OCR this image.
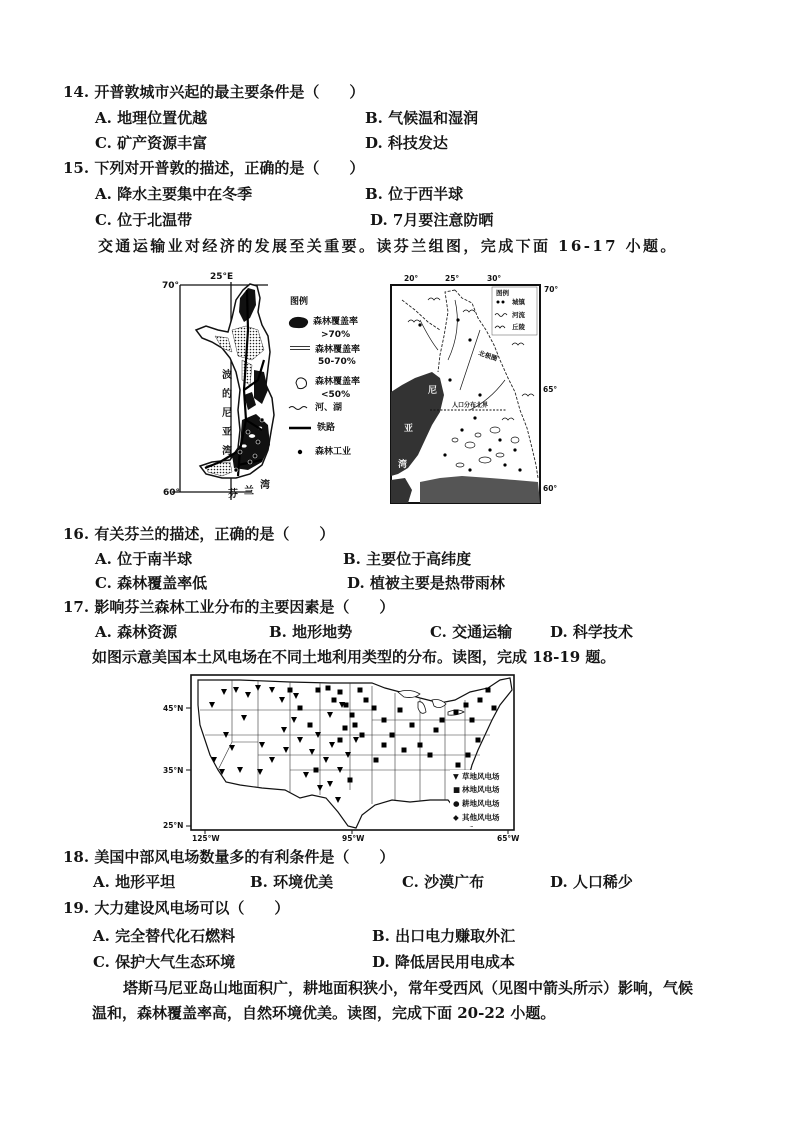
14. 开普敦城市兴起的最主要条件是（　　）
A. 地理位置优越	B. 气候温和湿润
C. 矿产资源丰富	D. 科技发达
15. 下列对开普敦的描述，正确的是（　　）
A. 降水主要集中在冬季	B. 位于西半球
C. 位于北温带	D. 7月要注意防晒
交通运输业对经济的发展至关重要。读芬兰组图，完成下面 16-17 小题。
25°E
70°
60°
波
的
尼
亚
湾
芬 兰
湾
图例
森林覆盖率
>70%
森林覆盖率
50-70%
森林覆盖率
<50%
河、湖
铁路
森林工业
20°	25°	30°
70°
65°
60°
北极圈
人口分布北界
尼
亚
湾
图例
城镇
河流
丘陵
16. 有关芬兰的描述，正确的是（　　）
A. 位于南半球	B. 主要位于高纬度
C. 森林覆盖率低	D. 植被主要是热带雨林
17. 影响芬兰森林工业分布的主要因素是（　　）
A. 森林资源	B. 地形地势	C. 交通运输	D. 科学技术
如图示意美国本土风电场在不同土地利用类型的分布。读图，完成 18-19 题。
45°N
35°N
25°N
125°W	95°W	65°W
▼ 草地风电场
■ 林地风电场
● 耕地风电场
◆ 其他风电场
18. 美国中部风电场数量多的有利条件是（　　）
A. 地形平坦	B. 环境优美	C. 沙漠广布	D. 人口稀少
19. 大力建设风电场可以（　　）
A. 完全替代化石燃料	B. 出口电力赚取外汇
C. 保护大气生态环境	D. 降低居民用电成本
塔斯马尼亚岛山地面积广，耕地面积狭小，常年受西风（见图中箭头所示）影响，气候
温和，森林覆盖率高，自然环境优美。读图，完成下面 20-22 小题。
